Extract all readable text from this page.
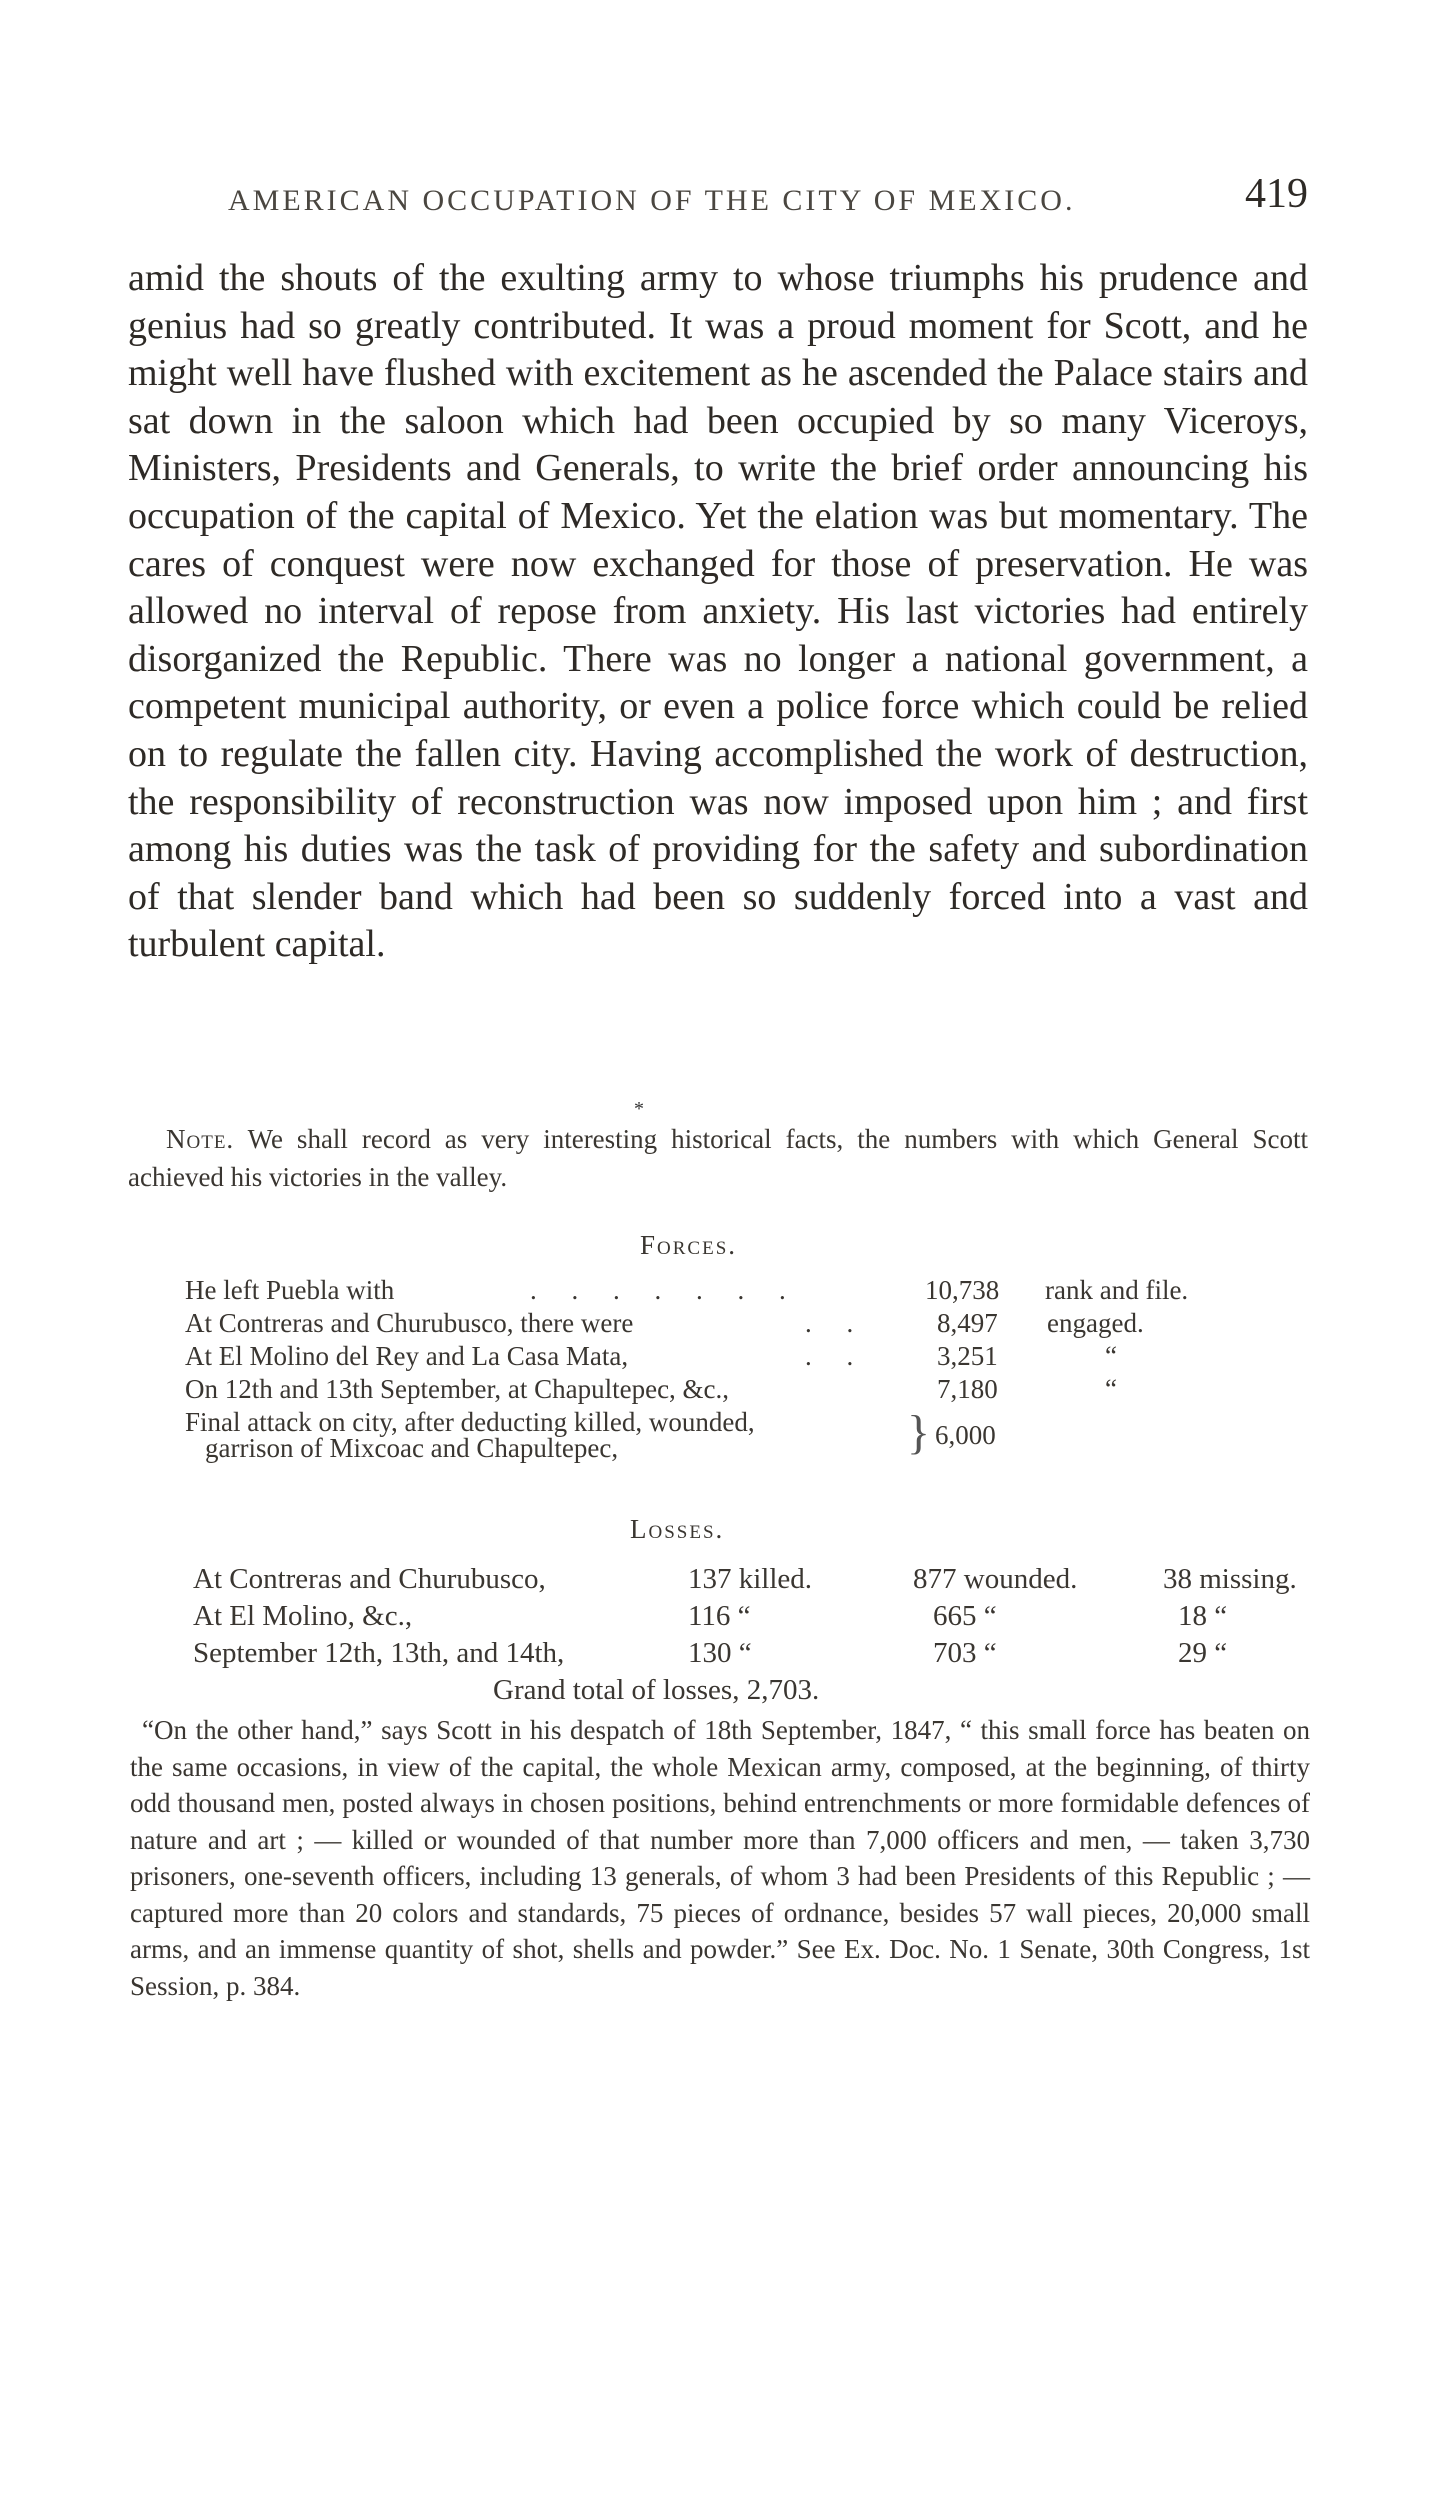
AMERICAN OCCUPATION OF THE CITY OF MEXICO.	419

amid the shouts of the exulting army to whose triumphs his prudence and genius had so greatly contributed. It was a proud moment for Scott, and he might well have flushed with excitement as he ascended the Palace stairs and sat down in the saloon which had been occupied by so many Viceroys, Ministers, Presidents and Generals, to write the brief order announcing his occupation of the capital of Mexico. Yet the elation was but momentary. The cares of conquest were now exchanged for those of preservation. He was allowed no interval of repose from anxiety. His last victories had entirely disorganized the Republic. There was no longer a national government, a competent municipal authority, or even a police force which could be relied on to regulate the fallen city. Having accomplished the work of destruction, the responsibility of reconstruction was now imposed upon him ; and first among his duties was the task of providing for the safety and subordination of that slender band which had been so suddenly forced into a vast and turbulent capital.

*

Note. We shall record as very interesting historical facts, the numbers with which General Scott achieved his victories in the valley.

Forces.
He left Puebla with	. . . . . . .	10,738 rank and file.
At Contreras and Churubusco, there were	. .	8,497 engaged.
At El Molino del Rey and La Casa Mata,	. .	3,251	“
On 12th and 13th September, at Chapultepec, &c.,	7,180	“
Final attack on city, after deducting killed, wounded,
garrison of Mixcoac and Chapultepec,	} 6,000
Losses.
At Contreras and Churubusco,	137 killed.	877 wounded.	38 missing.
At El Molino, &c.,	116 “	665 “	18 “
September 12th, 13th, and 14th,	130 “	703 “	29 “
Grand total of losses, 2,703.

“On the other hand,” says Scott in his despatch of 18th September, 1847, “ this small force has beaten on the same occasions, in view of the capital, the whole Mexican army, composed, at the beginning, of thirty odd thousand men, posted always in chosen positions, behind entrenchments or more formidable defences of nature and art ; — killed or wounded of that number more than 7,000 officers and men, — taken 3,730 prisoners, one-seventh officers, including 13 generals, of whom 3 had been Presidents of this Republic ; — captured more than 20 colors and standards, 75 pieces of ordnance, besides 57 wall pieces, 20,000 small arms, and an immense quantity of shot, shells and powder.” See Ex. Doc. No. 1 Senate, 30th Congress, 1st Session, p. 384.
